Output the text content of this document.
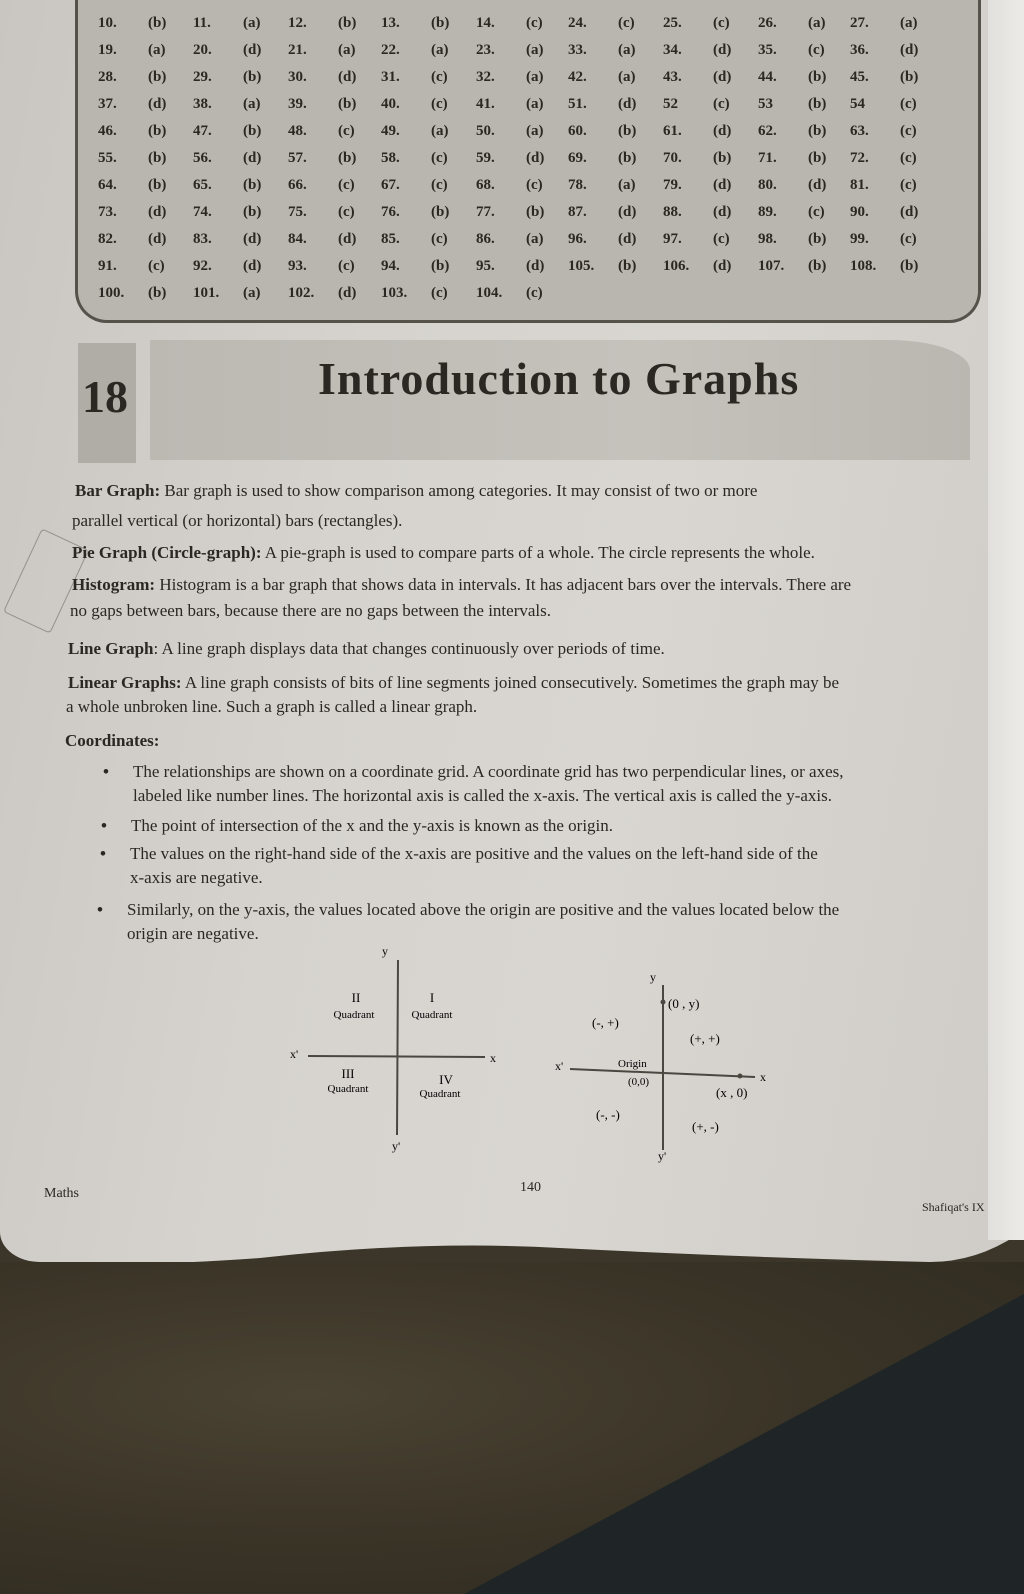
10. (b) 11. (a) 12. (b) 13. (b) 14. (c) 24. (c) 25. (c) 26. (a) 27. (a)
19. (a) 20. (d) 21. (a) 22. (a) 23. (a) 33. (a) 34. (d) 35. (c) 36. (d)
28. (b) 29. (b) 30. (d) 31. (c) 32. (a) 42. (a) 43. (d) 44. (b) 45. (b)
37. (d) 38. (a) 39. (b) 40. (c) 41. (a) 51. (d) 52 (c) 53 (b) 54 (c)
46. (b) 47. (b) 48. (c) 49. (a) 50. (a) 60. (b) 61. (d) 62. (b) 63. (c)
55. (b) 56. (d) 57. (b) 58. (c) 59. (d) 69. (b) 70. (b) 71. (b) 72. (c)
64. (b) 65. (b) 66. (c) 67. (c) 68. (c) 78. (a) 79. (d) 80. (d) 81. (c)
73. (d) 74. (b) 75. (c) 76. (b) 77. (b) 87. (d) 88. (d) 89. (c) 90. (d)
82. (d) 83. (d) 84. (d) 85. (c) 86. (a) 96. (d) 97. (c) 98. (b) 99. (c)
91. (c) 92. (d) 93. (c) 94. (b) 95. (d) 105. (b) 106. (d) 107. (b) 108. (b)
100. (b) 101. (a) 102. (d) 103. (c) 104. (c)
18	Introduction to Graphs
Bar Graph: Bar graph is used to show comparison among categories. It may consist of two or more
parallel vertical (or horizontal) bars (rectangles).
Pie Graph (Circle-graph): A pie-graph is used to compare parts of a whole. The circle represents the whole.
Histogram: Histogram is a bar graph that shows data in intervals. It has adjacent bars over the intervals. There are
no gaps between bars, because there are no gaps between the intervals.
Line Graph: A line graph displays data that changes continuously over periods of time.
Linear Graphs: A line graph consists of bits of line segments joined consecutively. Sometimes the graph may be
a whole unbroken line. Such a graph is called a linear graph.
Coordinates:
• The relationships are shown on a coordinate grid. A coordinate grid has two perpendicular lines, or axes,
labeled like number lines. The horizontal axis is called the x-axis. The vertical axis is called the y-axis.
• The point of intersection of the x and the y-axis is known as the origin.
• The values on the right-hand side of the x-axis are positive and the values on the left-hand side of the
x-axis are negative.
• Similarly, on the y-axis, the values located above the origin are positive and the values located below the
origin are negative.
y
x'	x
y'
II
Quadrant
I
Quadrant
III
Quadrant
IV
Quadrant
y
x'
x
y'
(0 , y)
(-, +)
(+, +)
Origin
(0,0)
(x , 0)
(-, -)
(+, -)
Maths	140
Shafiqat's IX
